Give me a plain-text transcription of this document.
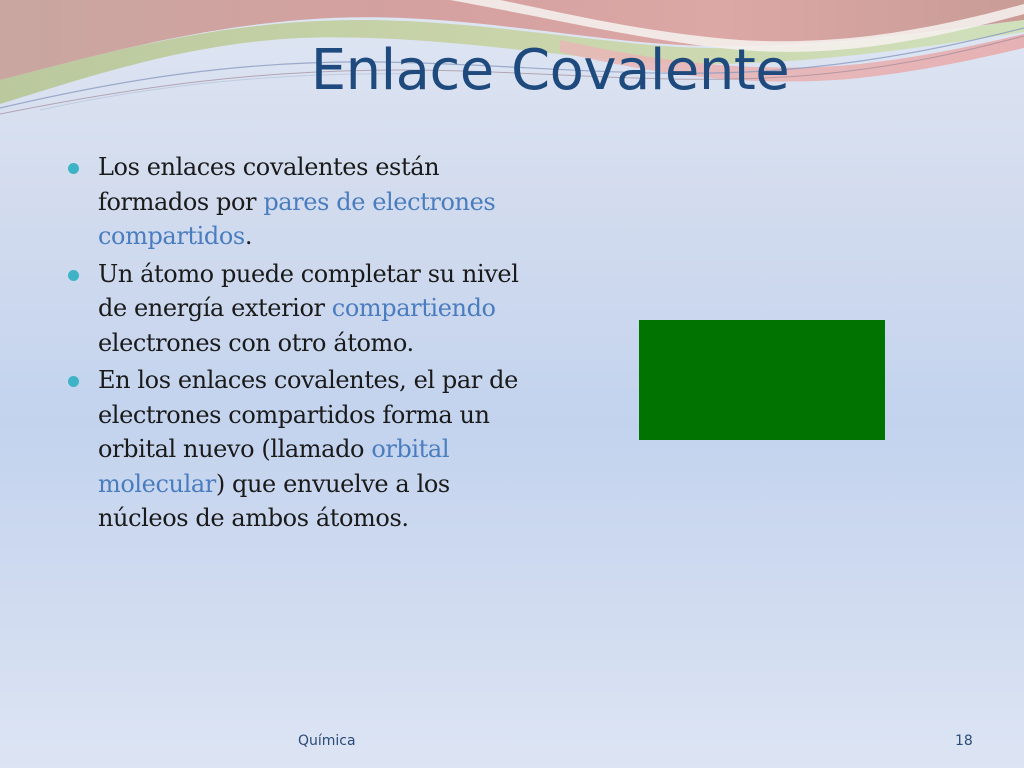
Enlace Covalente
Los enlaces covalentes están formados por pares de electrones compartidos.
Un átomo puede completar su nivel de energía exterior compartiendo electrones con otro átomo.
En los enlaces covalentes, el par de electrones compartidos forma un orbital nuevo (llamado orbital molecular) que envuelve a los núcleos de ambos átomos.
Química	18
